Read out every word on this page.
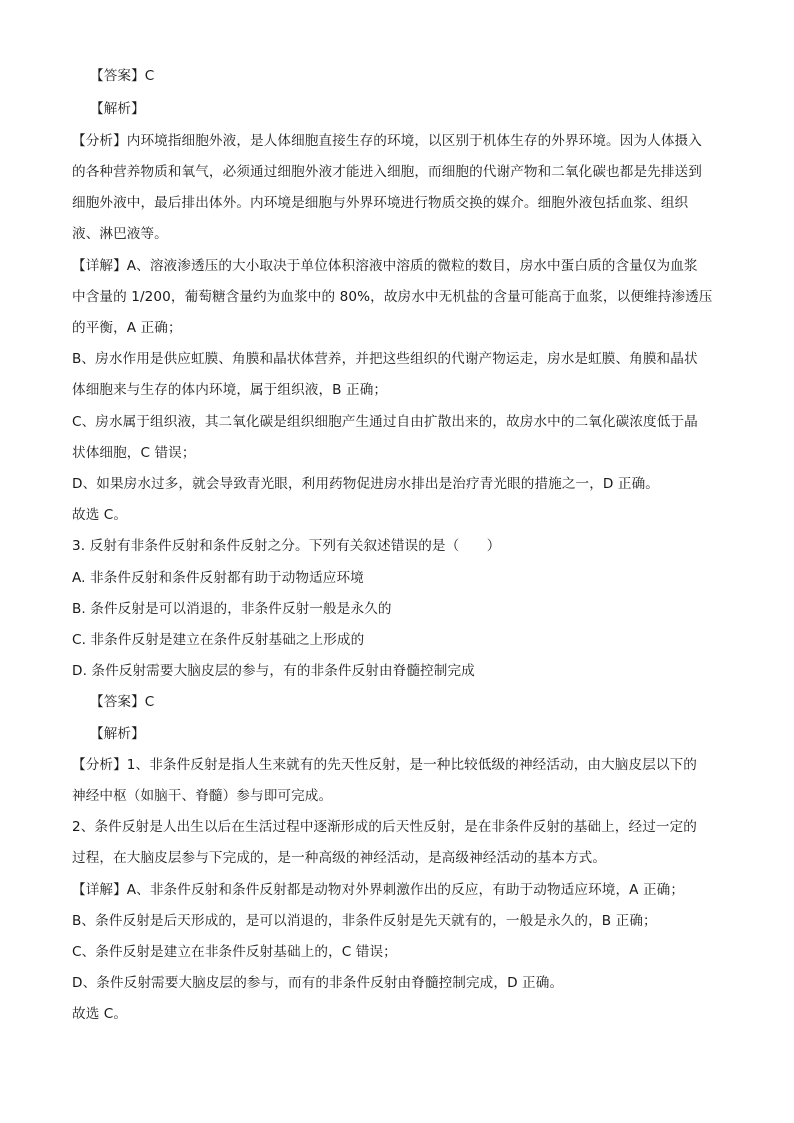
【答案】C
【解析】
【分析】内环境指细胞外液，是人体细胞直接生存的环境，以区别于机体生存的外界环境。因为人体摄入
的各种营养物质和氧气，必须通过细胞外液才能进入细胞，而细胞的代谢产物和二氧化碳也都是先排送到
细胞外液中，最后排出体外。内环境是细胞与外界环境进行物质交换的媒介。细胞外液包括血浆、组织
液、淋巴液等。
【详解】A、溶液渗透压的大小取决于单位体积溶液中溶质的微粒的数目，房水中蛋白质的含量仅为血浆
中含量的 1/200，葡萄糖含量约为血浆中的 80%，故房水中无机盐的含量可能高于血浆，以便维持渗透压
的平衡，A 正确；
B、房水作用是供应虹膜、角膜和晶状体营养，并把这些组织的代谢产物运走，房水是虹膜、角膜和晶状
体细胞来与生存的体内环境，属于组织液，B 正确；
C、房水属于组织液，其二氧化碳是组织细胞产生通过自由扩散出来的，故房水中的二氧化碳浓度低于晶
状体细胞，C 错误；
D、如果房水过多，就会导致青光眼，利用药物促进房水排出是治疗青光眼的措施之一，D 正确。
故选 C。
3. 反射有非条件反射和条件反射之分。下列有关叙述错误的是（　　）
A. 非条件反射和条件反射都有助于动物适应环境
B. 条件反射是可以消退的，非条件反射一般是永久的
C. 非条件反射是建立在条件反射基础之上形成的
D. 条件反射需要大脑皮层的参与，有的非条件反射由脊髓控制完成
【答案】C
【解析】
【分析】1、非条件反射是指人生来就有的先天性反射，是一种比较低级的神经活动，由大脑皮层以下的
神经中枢（如脑干、脊髓）参与即可完成。
2、条件反射是人出生以后在生活过程中逐渐形成的后天性反射，是在非条件反射的基础上，经过一定的
过程，在大脑皮层参与下完成的，是一种高级的神经活动，是高级神经活动的基本方式。
【详解】A、非条件反射和条件反射都是动物对外界刺激作出的反应，有助于动物适应环境，A 正确；
B、条件反射是后天形成的，是可以消退的，非条件反射是先天就有的，一般是永久的，B 正确；
C、条件反射是建立在非条件反射基础上的，C 错误；
D、条件反射需要大脑皮层的参与，而有的非条件反射由脊髓控制完成，D 正确。
故选 C。
